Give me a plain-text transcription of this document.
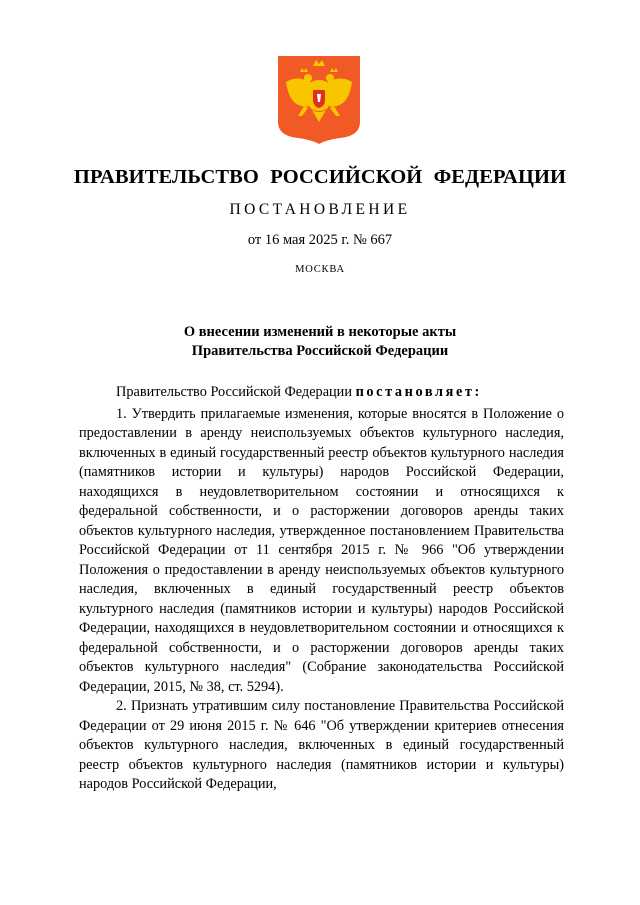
ПРАВИТЕЛЬСТВО РОССИЙСКОЙ ФЕДЕРАЦИИ
ПОСТАНОВЛЕНИЕ
от 16 мая 2025 г. № 667
МОСКВА
О внесении изменений в некоторые акты
Правительства Российской Федерации

Правительство Российской Федерации постановляет:

1. Утвердить прилагаемые изменения, которые вносятся в Положение о предоставлении в аренду неиспользуемых объектов культурного наследия, включенных в единый государственный реестр объектов культурного наследия (памятников истории и культуры) народов Российской Федерации, находящихся в неудовлетворительном состоянии и относящихся к федеральной собственности, и о расторжении договоров аренды таких объектов культурного наследия, утвержденное постановлением Правительства Российской Федерации от 11 сентября 2015 г. № 966 "Об утверждении Положения о предоставлении в аренду неиспользуемых объектов культурного наследия, включенных в единый государственный реестр объектов культурного наследия (памятников истории и культуры) народов Российской Федерации, находящихся в неудовлетворительном состоянии и относящихся к федеральной собственности, и о расторжении договоров аренды таких объектов культурного наследия" (Собрание законодательства Российской Федерации, 2015, № 38, ст. 5294).

2. Признать утратившим силу постановление Правительства Российской Федерации от 29 июня 2015 г. № 646 "Об утверждении критериев отнесения объектов культурного наследия, включенных в единый государственный реестр объектов культурного наследия (памятников истории и культуры) народов Российской Федерации,
